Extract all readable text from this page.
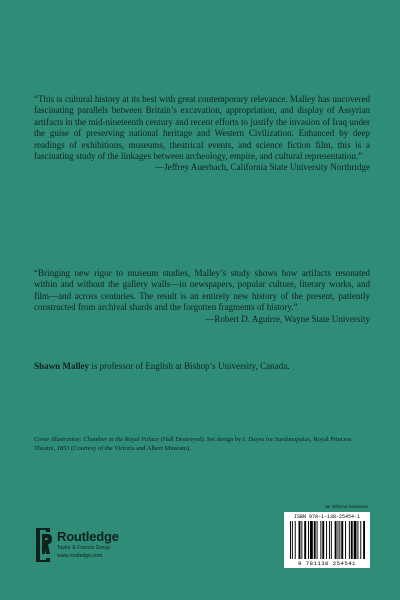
“This is cultural history at its best with great contemporary relevance. Malley has uncovered fascinating parallels between Britain’s excavation, appropriation, and display of Assyrian artifacts in the mid-nineteenth century and recent efforts to justify the invasion of Iraq under the guise of preserving national heritage and Western Civilization. Enhanced by deep readings of exhibitions, museums, theatrical events, and science fiction film, this is a fascinating study of the linkages between archeology, empire, and cultural representation.”

—Jeffrey Auerbach, California State University Northridge

“Bringing new rigor to museum studies, Malley’s study shows how artifacts resonated within and without the gallery walls—in newspapers, popular culture, literary works, and film—and across centuries. The result is an entirely new history of the present, patiently constructed from archival shards and the forgotten fragments of history.”

—Robert D. Aguirre, Wayne State University

Shawn Malley is professor of English at Bishop’s University, Canada.
Cover illustration: Chamber in the Royal Palace (Hall Destroyed). Set design by I. Dayes for Sardanapalus, Royal Princess Theatre, 1853 (Courtesy of the Victoria and Albert Museum).
an informa business
Routledge
Taylor & Francis Group
www.routledge.com
ISBN 978-1-138-25454-1
9 781138 254541
